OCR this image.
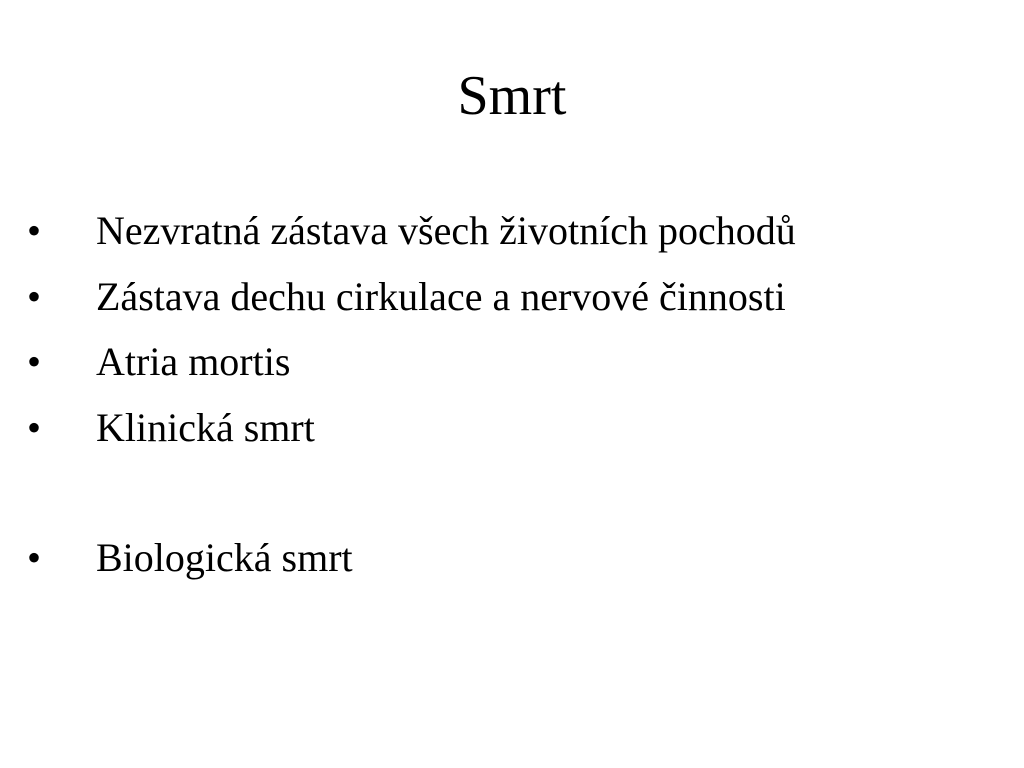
Smrt
• Nezvratná zástava všech životních pochodů
• Zástava dechu cirkulace a nervové činnosti
• Atria mortis
• Klinická smrt
• Biologická smrt
